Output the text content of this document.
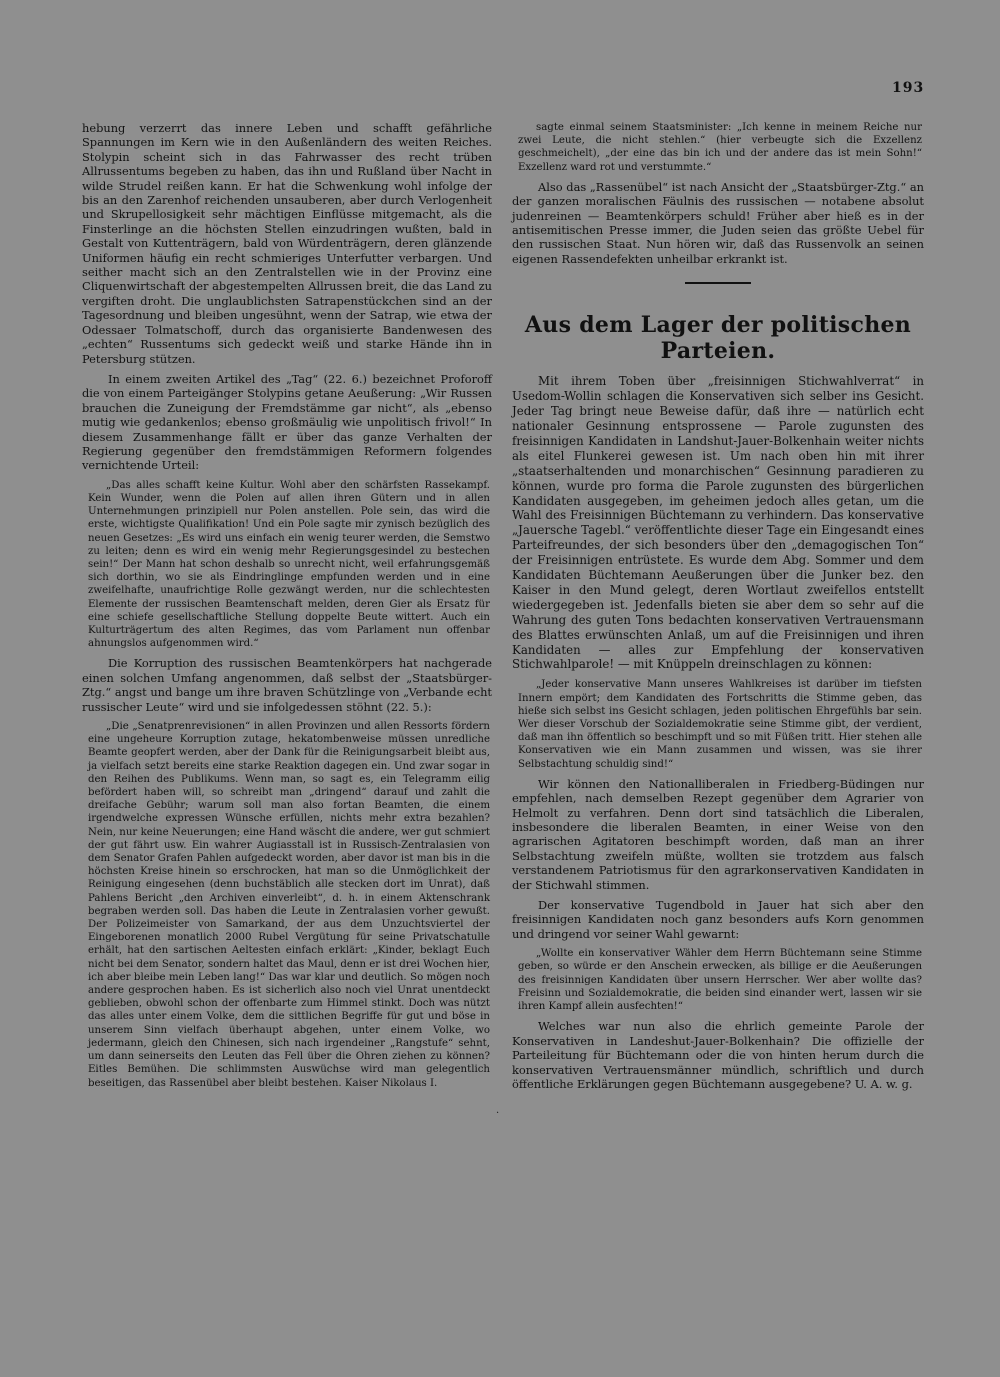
193

hebung verzerrt das innere Leben und schafft gefährliche Spannungen im Kern wie in den Außenländern des weiten Reiches. Stolypin scheint sich in das Fahrwasser des recht trüben Allrussentums begeben zu haben, das ihn und Rußland über Nacht in wilde Strudel reißen kann. Er hat die Schwenkung wohl infolge der bis an den Zarenhof reichenden unsauberen, aber durch Verlogenheit und Skrupellosigkeit sehr mächtigen Einflüsse mitgemacht, als die Finsterlinge an die höchsten Stellen einzudringen wußten, bald in Gestalt von Kuttenträgern, bald von Würdenträgern, deren glänzende Uniformen häufig ein recht schmieriges Unterfutter verbargen. Und seither macht sich an den Zentralstellen wie in der Provinz eine Cliquenwirtschaft der abgestempelten Allrussen breit, die das Land zu vergiften droht. Die unglaublichsten Satrapenstückchen sind an der Tagesordnung und bleiben ungesühnt, wenn der Satrap, wie etwa der Odessaer Tolmatschoff, durch das organisierte Bandenwesen des „echten“ Russentums sich gedeckt weiß und starke Hände ihn in Petersburg stützen.

In einem zweiten Artikel des „Tag“ (22. 6.) bezeichnet Proforoff die von einem Parteigänger Stolypins getane Aeußerung: „Wir Russen brauchen die Zuneigung der Fremdstämme gar nicht“, als „ebenso mutig wie gedankenlos; ebenso großmäulig wie unpolitisch frivol!“ In diesem Zusammenhange fällt er über das ganze Verhalten der Regierung gegenüber den fremdstämmigen Reformern folgendes vernichtende Urteil:

„Das alles schafft keine Kultur. Wohl aber den schärfsten Rassekampf. Kein Wunder, wenn die Polen auf allen ihren Gütern und in allen Unternehmungen prinzipiell nur Polen anstellen. Pole sein, das wird die erste, wichtigste Qualifikation! Und ein Pole sagte mir zynisch bezüglich des neuen Gesetzes: „Es wird uns einfach ein wenig teurer werden, die Semstwo zu leiten; denn es wird ein wenig mehr Regierungsgesindel zu bestechen sein!“ Der Mann hat schon deshalb so unrecht nicht, weil erfahrungsgemäß sich dorthin, wo sie als Eindringlinge empfunden werden und in eine zweifelhafte, unaufrichtige Rolle gezwängt werden, nur die schlechtesten Elemente der russischen Beamtenschaft melden, deren Gier als Ersatz für eine schiefe gesellschaftliche Stellung doppelte Beute wittert. Auch ein Kulturträgertum des alten Regimes, das vom Parlament nun offenbar ahnungslos aufgenommen wird.“

Die Korruption des russischen Beamtenkörpers hat nachgerade einen solchen Umfang angenommen, daß selbst der „Staatsbürger-Ztg.“ angst und bange um ihre braven Schützlinge von „Verbande echt russischer Leute“ wird und sie infolgedessen stöhnt (22. 5.):

„Die „Senatprenrevisionen“ in allen Provinzen und allen Ressorts fördern eine ungeheure Korruption zutage, hekatombenweise müssen unredliche Beamte geopfert werden, aber der Dank für die Reinigungsarbeit bleibt aus, ja vielfach setzt bereits eine starke Reaktion dagegen ein. Und zwar sogar in den Reihen des Publikums. Wenn man, so sagt es, ein Telegramm eilig befördert haben will, so schreibt man „dringend“ darauf und zahlt die dreifache Gebühr; warum soll man also fortan Beamten, die einem irgendwelche expressen Wünsche erfüllen, nichts mehr extra bezahlen? Nein, nur keine Neuerungen; eine Hand wäscht die andere, wer gut schmiert der gut fährt usw. Ein wahrer Augiasstall ist in Russisch-Zentralasien von dem Senator Grafen Pahlen aufgedeckt worden, aber davor ist man bis in die höchsten Kreise hinein so erschrocken, hat man so die Unmöglichkeit der Reinigung eingesehen (denn buchstäblich alle stecken dort im Unrat), daß Pahlens Bericht „den Archiven einverleibt“, d. h. in einem Aktenschrank begraben werden soll. Das haben die Leute in Zentralasien vorher gewußt. Der Polizeimeister von Samarkand, der aus dem Unzuchtsviertel der Eingeborenen monatlich 2000 Rubel Vergütung für seine Privatschatulle erhält, hat den sartischen Aeltesten einfach erklärt: „Kinder, beklagt Euch nicht bei dem Senator, sondern haltet das Maul, denn er ist drei Wochen hier, ich aber bleibe mein Leben lang!“ Das war klar und deutlich. So mögen noch andere gesprochen haben. Es ist sicherlich also noch viel Unrat unentdeckt geblieben, obwohl schon der offenbarte zum Himmel stinkt. Doch was nützt das alles unter einem Volke, dem die sittlichen Begriffe für gut und böse in unserem Sinn vielfach überhaupt abgehen, unter einem Volke, wo jedermann, gleich den Chinesen, sich nach irgendeiner „Rangstufe“ sehnt, um dann seinerseits den Leuten das Fell über die Ohren ziehen zu können? Eitles Bemühen. Die schlimmsten Auswüchse wird man gelegentlich beseitigen, das Rassenübel aber bleibt bestehen. Kaiser Nikolaus I.

sagte einmal seinem Staatsminister: „Ich kenne in meinem Reiche nur zwei Leute, die nicht stehlen.“ (hier verbeugte sich die Exzellenz geschmeichelt), „der eine das bin ich und der andere das ist mein Sohn!“ Exzellenz ward rot und verstummte.“

Also das „Rassenübel“ ist nach Ansicht der „Staatsbürger-Ztg.“ an der ganzen moralischen Fäulnis des russischen — notabene absolut judenreinen — Beamtenkörpers schuld! Früher aber hieß es in der antisemitischen Presse immer, die Juden seien das größte Uebel für den russischen Staat. Nun hören wir, daß das Russenvolk an seinen eigenen Rassendefekten unheilbar erkrankt ist.

Aus dem Lager der politischen Parteien.

Mit ihrem Toben über „freisinnigen Stichwahlverrat“ in Usedom-Wollin schlagen die Konservativen sich selber ins Gesicht. Jeder Tag bringt neue Beweise dafür, daß ihre — natürlich echt nationaler Gesinnung entsprossene — Parole zugunsten des freisinnigen Kandidaten in Landshut-Jauer-Bolkenhain weiter nichts als eitel Flunkerei gewesen ist. Um nach oben hin mit ihrer „staatserhaltenden und monarchischen“ Gesinnung paradieren zu können, wurde pro forma die Parole zugunsten des bürgerlichen Kandidaten ausgegeben, im geheimen jedoch alles getan, um die Wahl des Freisinnigen Büchtemann zu verhindern. Das konservative „Jauersche Tagebl.“ veröffentlichte dieser Tage ein Eingesandt eines Parteifreundes, der sich besonders über den „demagogischen Ton“ der Freisinnigen entrüstete. Es wurde dem Abg. Sommer und dem Kandidaten Büchtemann Aeußerungen über die Junker bez. den Kaiser in den Mund gelegt, deren Wortlaut zweifellos entstellt wiedergegeben ist. Jedenfalls bieten sie aber dem so sehr auf die Wahrung des guten Tons bedachten konservativen Vertrauensmann des Blattes erwünschten Anlaß, um auf die Freisinnigen und ihren Kandidaten — alles zur Empfehlung der konservativen Stichwahlparole! — mit Knüppeln dreinschlagen zu können:

„Jeder konservative Mann unseres Wahlkreises ist darüber im tiefsten Innern empört; dem Kandidaten des Fortschritts die Stimme geben, das hieße sich selbst ins Gesicht schlagen, jeden politischen Ehrgefühls bar sein. Wer dieser Vorschub der Sozialdemokratie seine Stimme gibt, der verdient, daß man ihn öffentlich so beschimpft und so mit Füßen tritt. Hier stehen alle Konservativen wie ein Mann zusammen und wissen, was sie ihrer Selbstachtung schuldig sind!“

Wir können den Nationalliberalen in Friedberg-Büdingen nur empfehlen, nach demselben Rezept gegenüber dem Agrarier von Helmolt zu verfahren. Denn dort sind tatsächlich die Liberalen, insbesondere die liberalen Beamten, in einer Weise von den agrarischen Agitatoren beschimpft worden, daß man an ihrer Selbstachtung zweifeln müßte, wollten sie trotzdem aus falsch verstandenem Patriotismus für den agrarkonservativen Kandidaten in der Stichwahl stimmen.

Der konservative Tugendbold in Jauer hat sich aber den freisinnigen Kandidaten noch ganz besonders aufs Korn genommen und dringend vor seiner Wahl gewarnt:

„Wollte ein konservativer Wähler dem Herrn Büchtemann seine Stimme geben, so würde er den Anschein erwecken, als billige er die Aeußerungen des freisinnigen Kandidaten über unsern Herrscher. Wer aber wollte das? Freisinn und Sozialdemokratie, die beiden sind einander wert, lassen wir sie ihren Kampf allein ausfechten!“

Welches war nun also die ehrlich gemeinte Parole der Konservativen in Landeshut-Jauer-Bolkenhain? Die offizielle der Parteileitung für Büchtemann oder die von hinten herum durch die konservativen Vertrauensmänner mündlich, schriftlich und durch öffentliche Erklärungen gegen Büchtemann ausgegebene? U. A. w. g.

·
